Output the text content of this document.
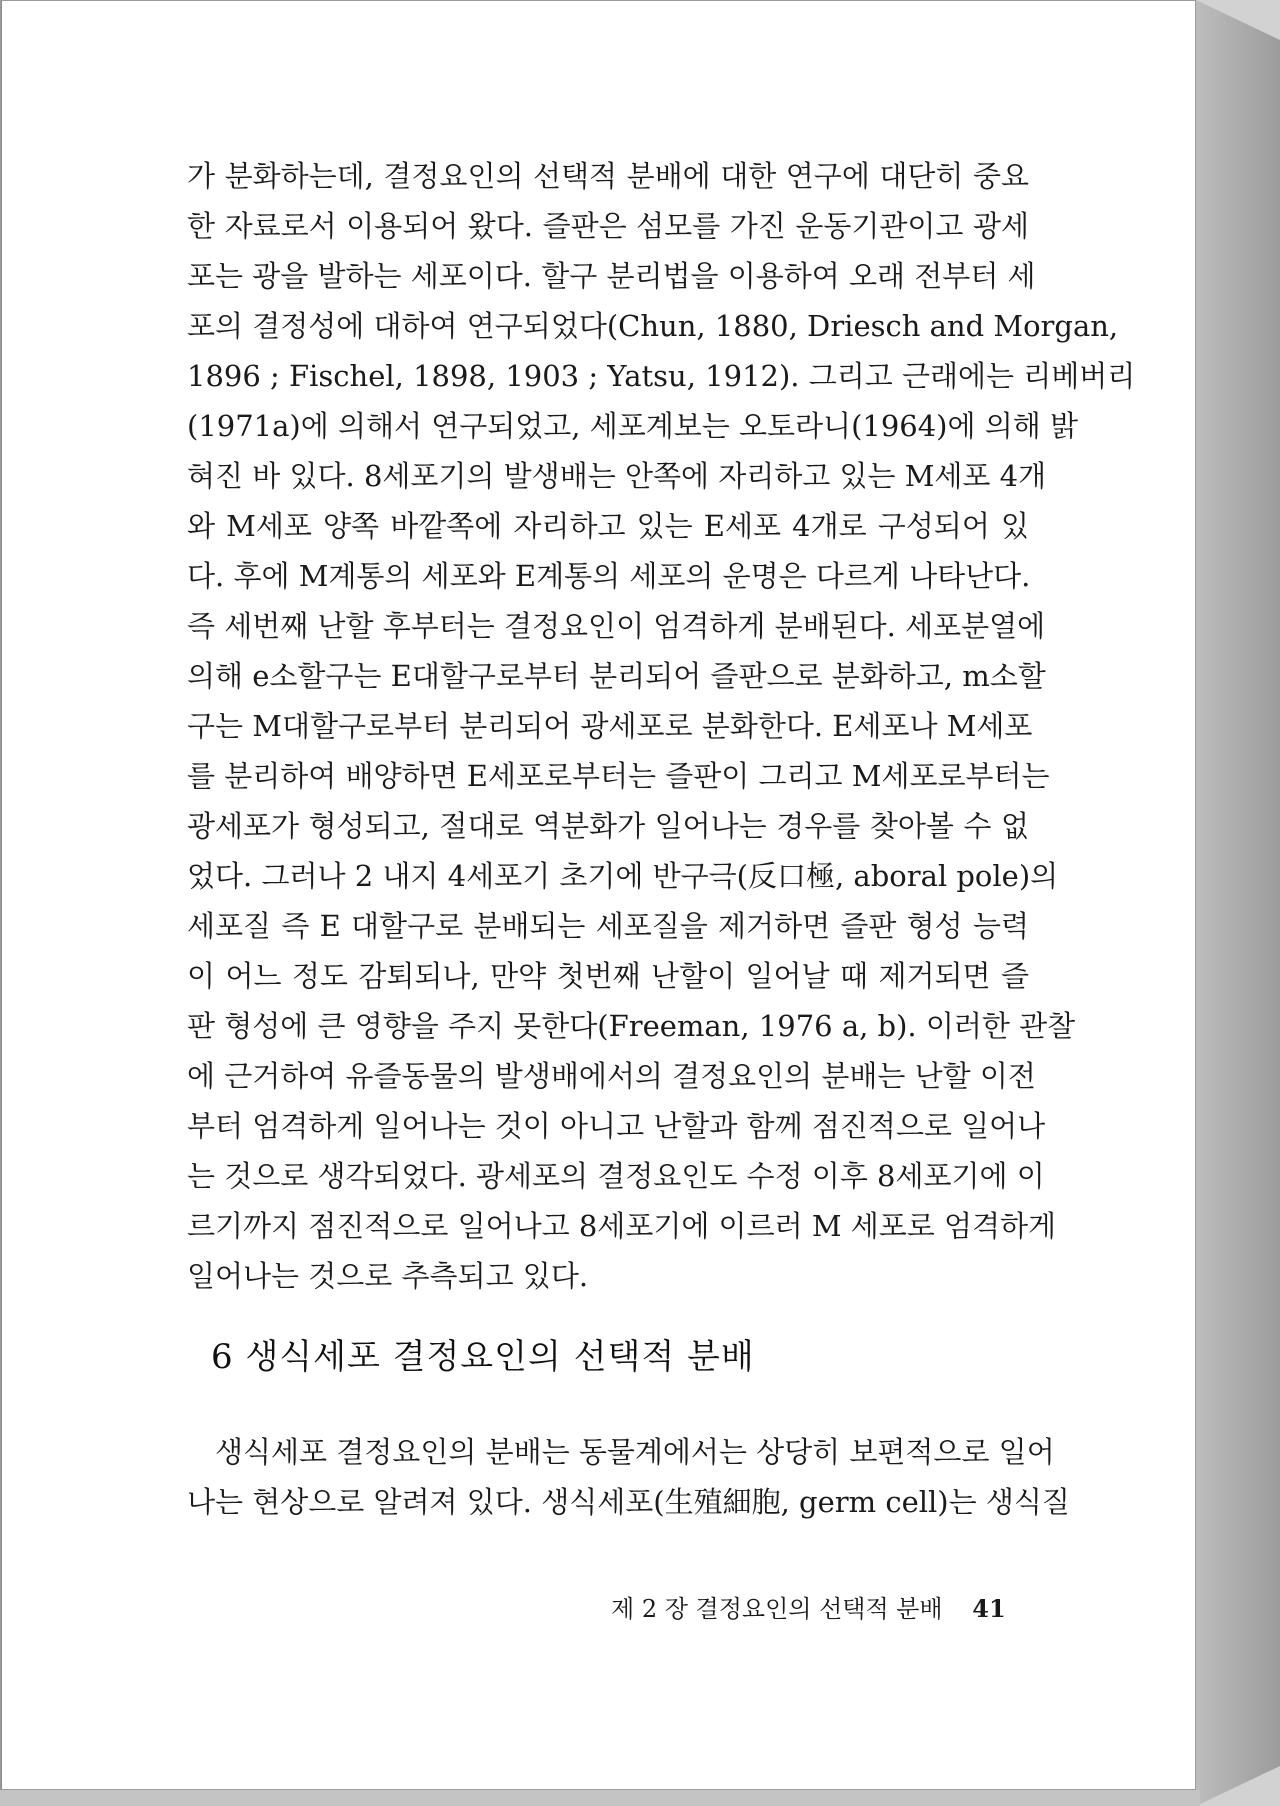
가 분화하는데, 결정요인의 선택적 분배에 대한 연구에 대단히 중요
한 자료로서 이용되어 왔다. 즐판은 섬모를 가진 운동기관이고 광세
포는 광을 발하는 세포이다. 할구 분리법을 이용하여 오래 전부터 세
포의 결정성에 대하여 연구되었다(Chun, 1880, Driesch and Morgan,
1896 ; Fischel, 1898, 1903 ; Yatsu, 1912). 그리고 근래에는 리베버리
(1971a)에 의해서 연구되었고, 세포계보는 오토라니(1964)에 의해 밝
혀진 바 있다. 8세포기의 발생배는 안쪽에 자리하고 있는 M세포 4개
와 M세포 양쪽 바깥쪽에 자리하고 있는 E세포 4개로 구성되어 있
다. 후에 M계통의 세포와 E계통의 세포의 운명은 다르게 나타난다.
즉 세번째 난할 후부터는 결정요인이 엄격하게 분배된다. 세포분열에
의해 e소할구는 E대할구로부터 분리되어 즐판으로 분화하고, m소할
구는 M대할구로부터 분리되어 광세포로 분화한다. E세포나 M세포
를 분리하여 배양하면 E세포로부터는 즐판이 그리고 M세포로부터는
광세포가 형성되고, 절대로 역분화가 일어나는 경우를 찾아볼 수 없
었다. 그러나 2 내지 4세포기 초기에 반구극(反口極, aboral pole)의
세포질 즉 E 대할구로 분배되는 세포질을 제거하면 즐판 형성 능력
이 어느 정도 감퇴되나, 만약 첫번째 난할이 일어날 때 제거되면 즐
판 형성에 큰 영향을 주지 못한다(Freeman, 1976 a, b). 이러한 관찰
에 근거하여 유즐동물의 발생배에서의 결정요인의 분배는 난할 이전
부터 엄격하게 일어나는 것이 아니고 난할과 함께 점진적으로 일어나
는 것으로 생각되었다. 광세포의 결정요인도 수정 이후 8세포기에 이
르기까지 점진적으로 일어나고 8세포기에 이르러 M 세포로 엄격하게
일어나는 것으로 추측되고 있다.
6 생식세포 결정요인의 선택적 분배
생식세포 결정요인의 분배는 동물계에서는 상당히 보편적으로 일어
나는 현상으로 알려져 있다. 생식세포(生殖細胞, germ cell)는 생식질
제 2 장 결정요인의 선택적 분배 41
